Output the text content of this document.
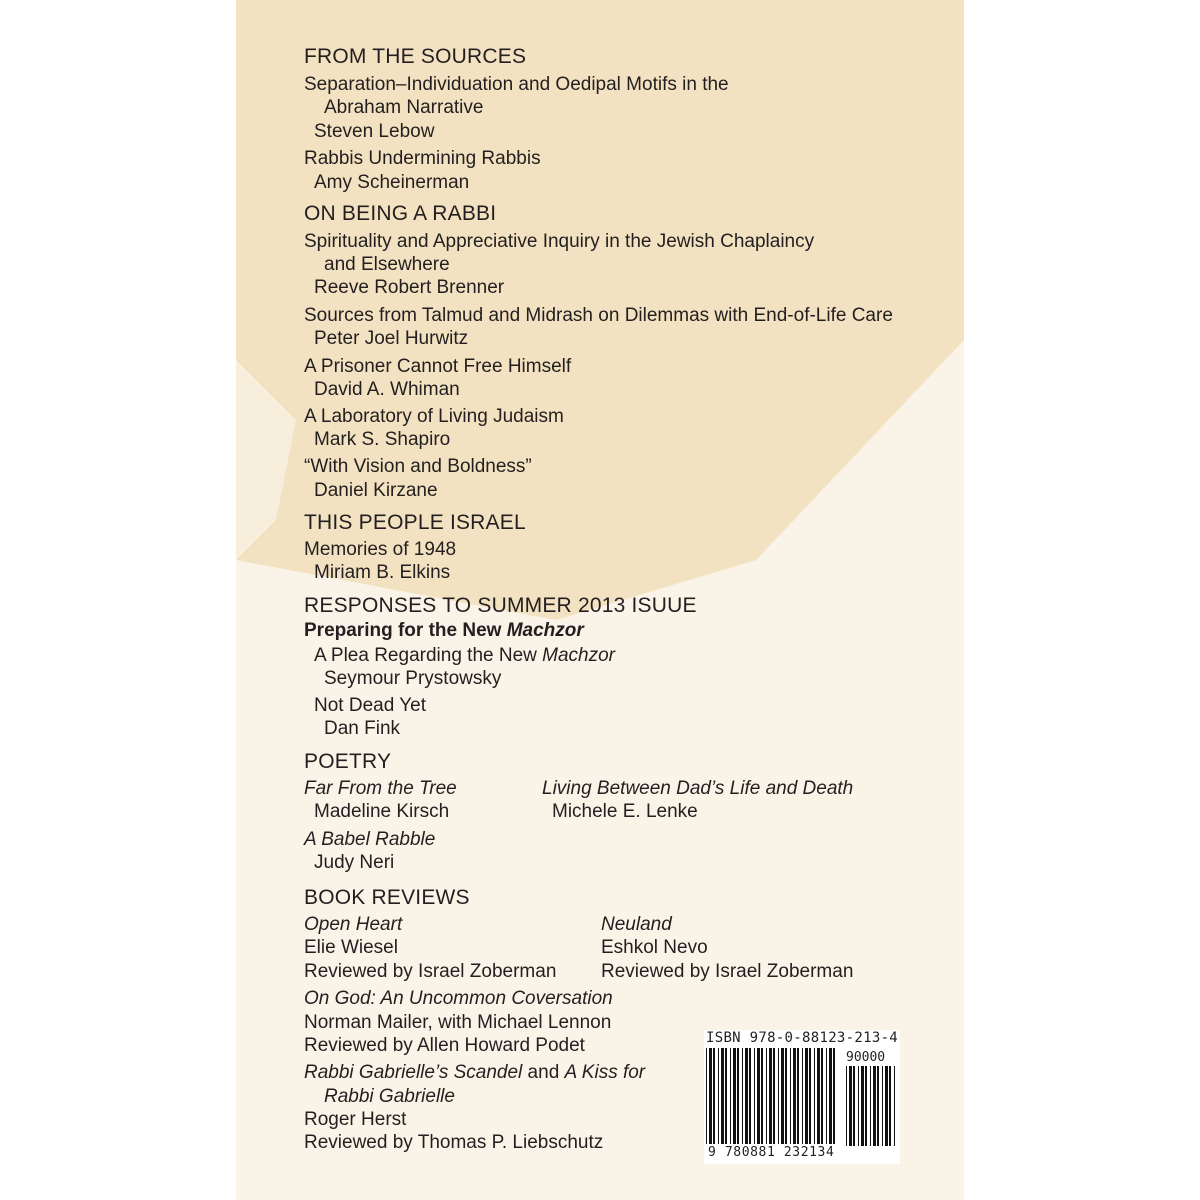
FROM THE SOURCES
Separation–Individuation and Oedipal Motifs in the
Abraham Narrative
Steven Lebow
Rabbis Undermining Rabbis
Amy Scheinerman
ON BEING A RABBI
Spirituality and Appreciative Inquiry in the Jewish Chaplaincy
and Elsewhere
Reeve Robert Brenner
Sources from Talmud and Midrash on Dilemmas with End-of-Life Care
Peter Joel Hurwitz
A Prisoner Cannot Free Himself
David A. Whiman
A Laboratory of Living Judaism
Mark S. Shapiro
“With Vision and Boldness”
Daniel Kirzane
THIS PEOPLE ISRAEL
Memories of 1948
Miriam B. Elkins
RESPONSES TO SUMMER 2013 ISUUE
Preparing for the New Machzor
A Plea Regarding the New Machzor
Seymour Prystowsky
Not Dead Yet
Dan Fink
POETRY
Far From the Tree
Madeline Kirsch
Living Between Dad’s Life and Death
Michele E. Lenke
A Babel Rabble
Judy Neri
BOOK REVIEWS
Open Heart
Elie Wiesel
Reviewed by Israel Zoberman
Neuland
Eshkol Nevo
Reviewed by Israel Zoberman
On God: An Uncommon Coversation
Norman Mailer, with Michael Lennon
Reviewed by Allen Howard Podet
Rabbi Gabrielle’s Scandel and A Kiss for
Rabbi Gabrielle
Roger Herst
Reviewed by Thomas P. Liebschutz
ISBN 978-0-88123-213-4
90000
9 780881 232134
